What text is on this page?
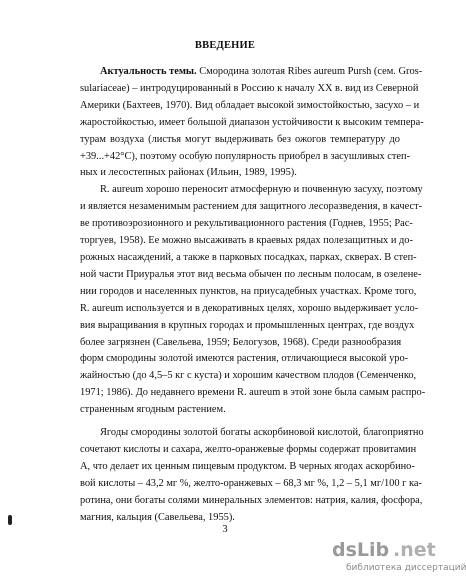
ВВЕДЕНИЕ
Актуальность темы. Смородина золотая Ribes aureum Pursh (сем. Gros-
sulariaceae) – интродуцированный в Россию к началу XX в. вид из Северной
Америки (Бахтеев, 1970). Вид обладает высокой зимостойкостью, засухо – и
жаростойкостью, имеет большой диапазон устойчивости к высоким темпера-
турам воздуха (листья могут выдерживать без ожогов температуру до
+39...+42°С), поэтому особую популярность приобрел в засушливых степ-
ных и лесостепных районах (Ильин, 1989, 1995).
R. aureum хорошо переносит атмосферную и почвенную засуху, поэтому
и является незаменимым растением для защитного лесоразведения, в качест-
ве противоэрозионного и рекультивационного растения (Годнев, 1955; Рас-
торгуев, 1958). Ее можно высаживать в краевых рядах полезащитных и до-
рожных насаждений, а также в парковых посадках, парках, скверах. В степ-
ной части Приуралья этот вид весьма обычен по лесным полосам, в озелене-
нии городов и населенных пунктов, на приусадебных участках. Кроме того,
R. aureum используется и в декоративных целях, хорошо выдерживает усло-
вия выращивания в крупных городах и промышленных центрах, где воздух
более загрязнен (Савельева, 1959; Белогузов, 1968). Среди разнообразия
форм смородины золотой имеются растения, отличающиеся высокой уро-
жайностью (до 4,5–5 кг с куста) и хорошим качеством плодов (Семенченко,
1971; 1986). До недавнего времени R. aureum в этой зоне была самым распро-
страненным ягодным растением.
Ягоды смородины золотой богаты аскорбиновой кислотой, благоприятно
сочетают кислоты и сахара, желто-оранжевые формы содержат провитамин
А, что делает их ценным пищевым продуктом. В черных ягодах аскорбино-
вой кислоты – 43,2 мг %, желто-оранжевых – 68,3 мг %, 1,2 – 5,1 мг/100 г ка-
ротина, они богаты солями минеральных элементов: натрия, калия, фосфора,
магния, кальция (Савельева, 1955).
3
dsLib .net
библиотека диссертаций
